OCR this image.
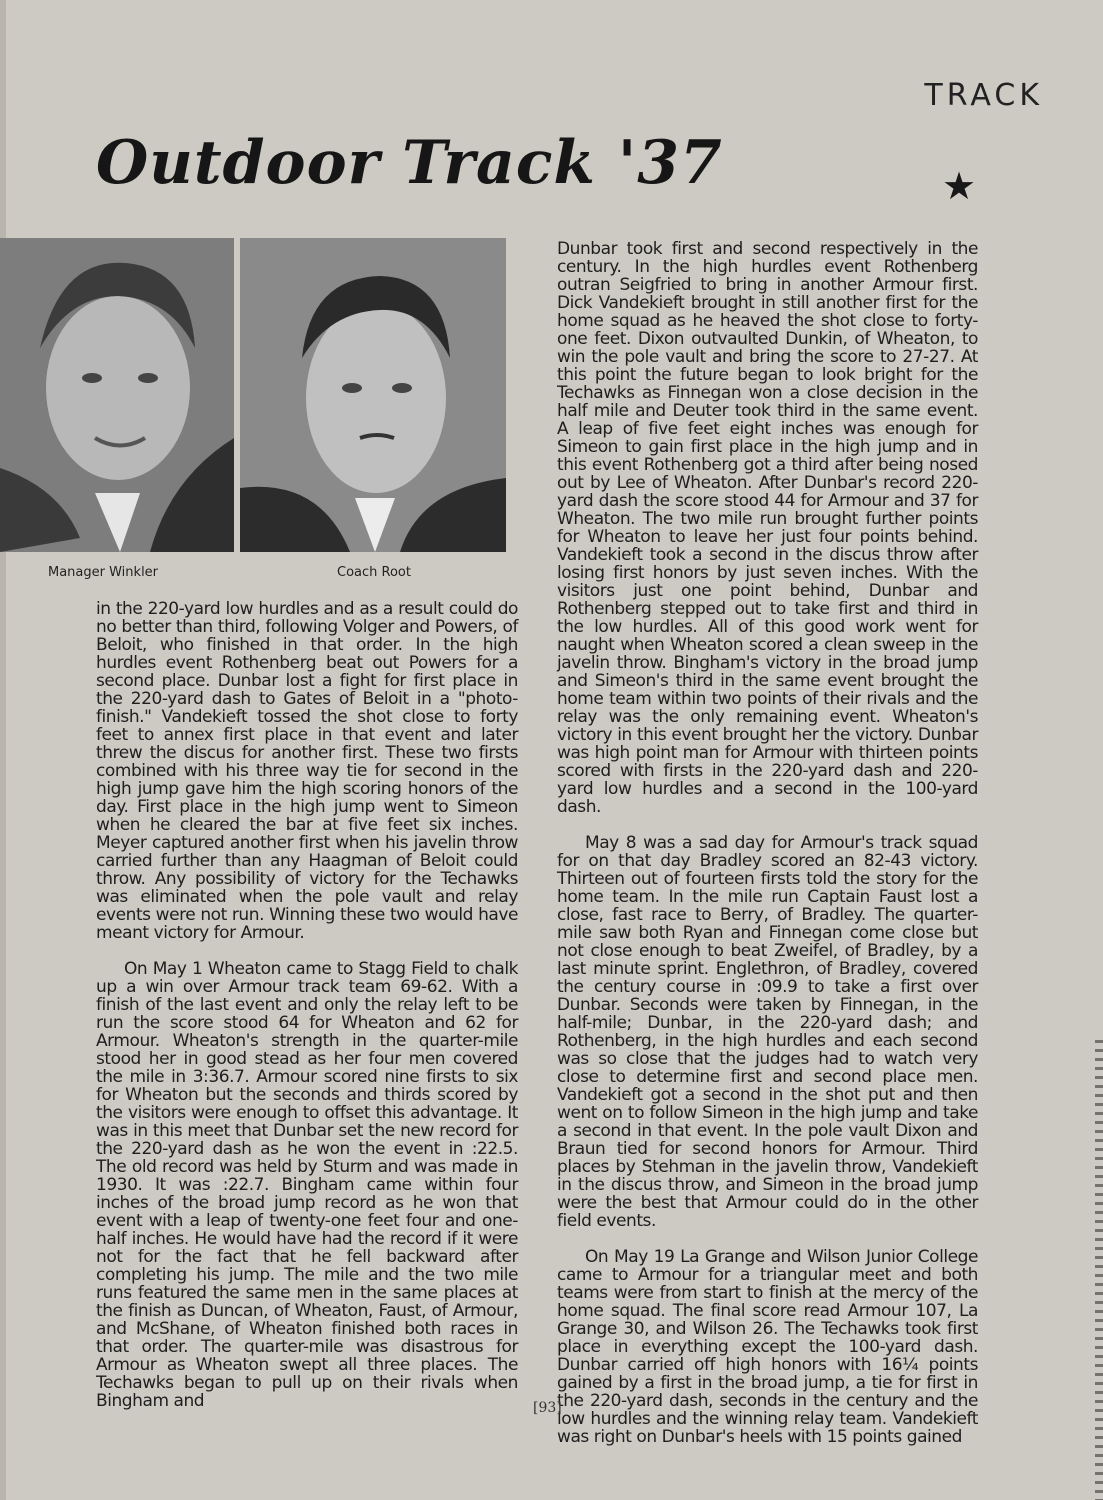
TRACK
Outdoor Track '37	★
Manager Winkler	Coach Root

in the 220-yard low hurdles and as a result could do no better than third, following Volger and Powers, of Beloit, who finished in that order. In the high hurdles event Rothenberg beat out Powers for a second place. Dunbar lost a fight for first place in the 220-yard dash to Gates of Beloit in a "photo-finish." Vandekieft tossed the shot close to forty feet to annex first place in that event and later threw the discus for another first. These two firsts combined with his three way tie for second in the high jump gave him the high scoring honors of the day. First place in the high jump went to Simeon when he cleared the bar at five feet six inches. Meyer captured another first when his javelin throw carried further than any Haagman of Beloit could throw. Any possibility of victory for the Techawks was eliminated when the pole vault and relay events were not run. Winning these two would have meant victory for Armour.

On May 1 Wheaton came to Stagg Field to chalk up a win over Armour track team 69-62. With a finish of the last event and only the relay left to be run the score stood 64 for Wheaton and 62 for Armour. Wheaton's strength in the quarter-mile stood her in good stead as her four men covered the mile in 3:36.7. Armour scored nine firsts to six for Wheaton but the seconds and thirds scored by the visitors were enough to offset this advantage. It was in this meet that Dunbar set the new record for the 220-yard dash as he won the event in :22.5. The old record was held by Sturm and was made in 1930. It was :22.7. Bingham came within four inches of the broad jump record as he won that event with a leap of twenty-one feet four and one-half inches. He would have had the record if it were not for the fact that he fell backward after completing his jump. The mile and the two mile runs featured the same men in the same places at the finish as Duncan, of Wheaton, Faust, of Armour, and McShane, of Wheaton finished both races in that order. The quarter-mile was disastrous for Armour as Wheaton swept all three places. The Techawks began to pull up on their rivals when Bingham and

Dunbar took first and second respectively in the century. In the high hurdles event Rothenberg outran Seigfried to bring in another Armour first. Dick Vandekieft brought in still another first for the home squad as he heaved the shot close to forty-one feet. Dixon outvaulted Dunkin, of Wheaton, to win the pole vault and bring the score to 27-27. At this point the future began to look bright for the Techawks as Finnegan won a close decision in the half mile and Deuter took third in the same event. A leap of five feet eight inches was enough for Simeon to gain first place in the high jump and in this event Rothenberg got a third after being nosed out by Lee of Wheaton. After Dunbar's record 220-yard dash the score stood 44 for Armour and 37 for Wheaton. The two mile run brought further points for Wheaton to leave her just four points behind. Vandekieft took a second in the discus throw after losing first honors by just seven inches. With the visitors just one point behind, Dunbar and Rothenberg stepped out to take first and third in the low hurdles. All of this good work went for naught when Wheaton scored a clean sweep in the javelin throw. Bingham's victory in the broad jump and Simeon's third in the same event brought the home team within two points of their rivals and the relay was the only remaining event. Wheaton's victory in this event brought her the victory. Dunbar was high point man for Armour with thirteen points scored with firsts in the 220-yard dash and 220-yard low hurdles and a second in the 100-yard dash.

May 8 was a sad day for Armour's track squad for on that day Bradley scored an 82-43 victory. Thirteen out of fourteen firsts told the story for the home team. In the mile run Captain Faust lost a close, fast race to Berry, of Bradley. The quarter-mile saw both Ryan and Finnegan come close but not close enough to beat Zweifel, of Bradley, by a last minute sprint. Englethron, of Bradley, covered the century course in :09.9 to take a first over Dunbar. Seconds were taken by Finnegan, in the half-mile; Dunbar, in the 220-yard dash; and Rothenberg, in the high hurdles and each second was so close that the judges had to watch very close to determine first and second place men. Vandekieft got a second in the shot put and then went on to follow Simeon in the high jump and take a second in that event. In the pole vault Dixon and Braun tied for second honors for Armour. Third places by Stehman in the javelin throw, Vandekieft in the discus throw, and Simeon in the broad jump were the best that Armour could do in the other field events.

On May 19 La Grange and Wilson Junior College came to Armour for a triangular meet and both teams were from start to finish at the mercy of the home squad. The final score read Armour 107, La Grange 30, and Wilson 26. The Techawks took first place in everything except the 100-yard dash. Dunbar carried off high honors with 16¼ points gained by a first in the broad jump, a tie for first in the 220-yard dash, seconds in the century and the low hurdles and the winning relay team. Vandekieft was right on Dunbar's heels with 15 points gained

[93]
